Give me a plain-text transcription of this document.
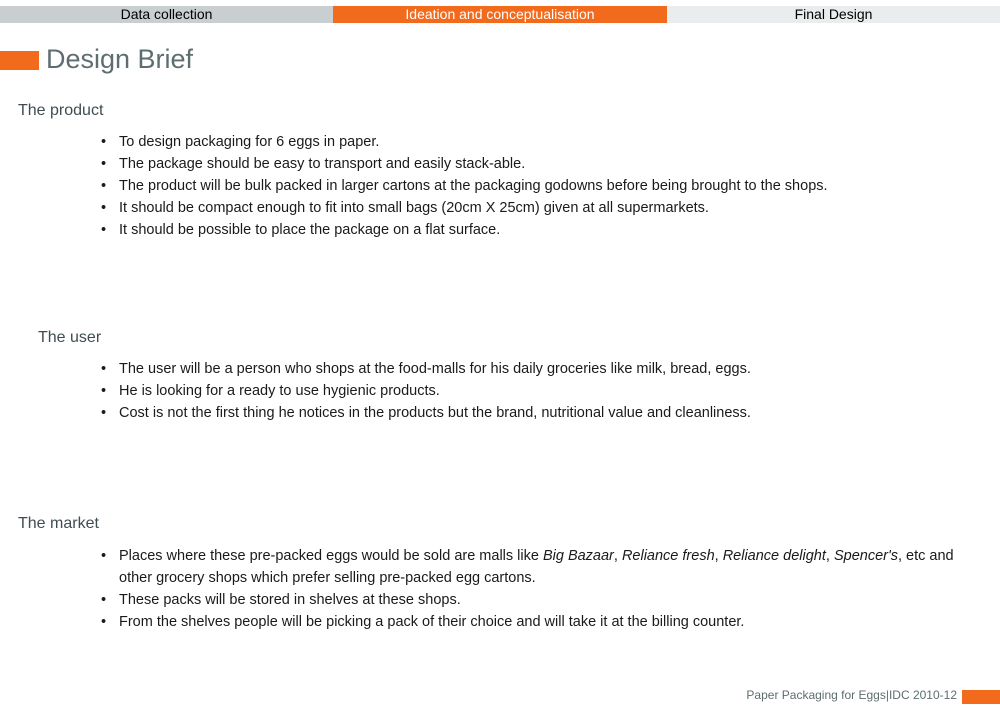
Data collection	Ideation and conceptualisation	Final Design
Design Brief
The product
• To design packaging for 6 eggs in paper.
• The package should be easy to transport and easily stack-able.
• The product will be bulk packed in larger cartons at the packaging godowns before being brought to the shops.
• It should be compact enough to fit into small bags (20cm X 25cm) given at all supermarkets.
• It should be possible to place the package on a flat surface.
The user
• The user will be a person who shops at the food-malls for his daily groceries like milk, bread, eggs.
• He is looking for a ready to use hygienic products.
• Cost is not the first thing he notices in the products but the brand, nutritional value and cleanliness.
The market
• Places where these pre-packed eggs would be sold are malls like Big Bazaar, Reliance fresh, Reliance delight, Spencer's, etc and other grocery shops which prefer selling pre-packed egg cartons.
• These packs will be stored in shelves at these shops.
• From the shelves people will be picking a pack of their choice and will take it at the billing counter.
Paper Packaging for Eggs|IDC 2010-12
